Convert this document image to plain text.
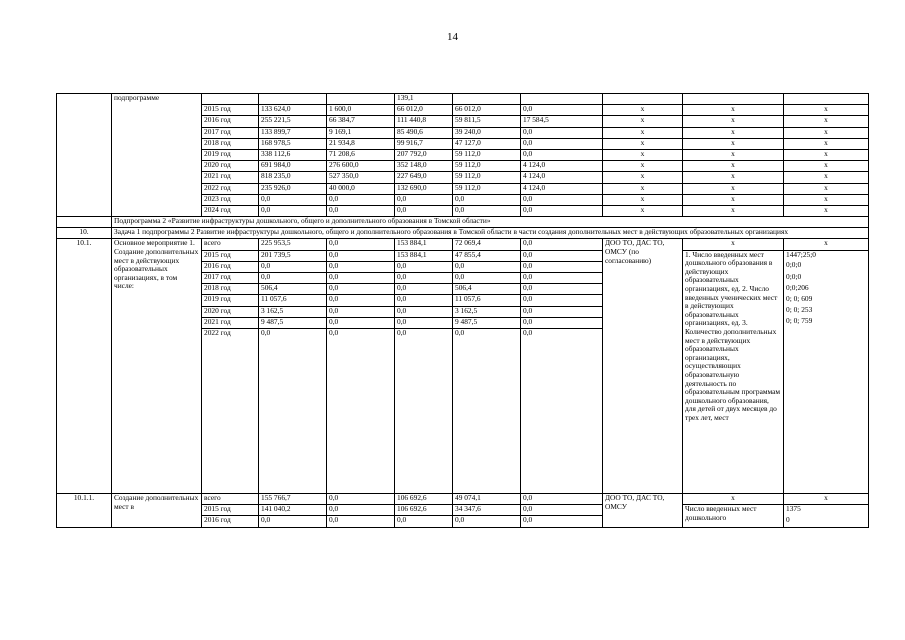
14
	подпрограмме				139,1					
		2015 год	133 624,0	1 600,0	66 012,0	66 012,0	0,0	x	x	x
		2016 год	255 221,5	66 384,7	111 440,8	59 811,5	17 584,5	x	x	x
		2017 год	133 899,7	9 169,1	85 490,6	39 240,0	0,0	x	x	x
		2018 год	168 978,5	21 934,8	99 916,7	47 127,0	0,0	x	x	x
		2019 год	338 112,6	71 208,6	207 792,0	59 112,0	0,0	x	x	x
		2020 год	691 984,0	276 600,0	352 148,0	59 112,0	4 124,0	x	x	x
		2021 год	818 235,0	527 350,0	227 649,0	59 112,0	4 124,0	x	x	x
		2022 год	235 926,0	40 000,0	132 690,0	59 112,0	4 124,0	x	x	x
		2023 год	0,0	0,0	0,0	0,0	0,0	x	x	x
		2024 год	0,0	0,0	0,0	0,0	0,0	x	x	x
	Подпрограмма 2 «Развитие инфраструктуры дошкольного, общего и дополнительного образования в Томской области»									
10.	Задача 1 подпрограммы 2 Развитие инфраструктуры дошкольного, общего и дополнительного образования в Томской области в части создания дополнительных мест в действующих образовательных организациях									
10.1.	Основное мероприятие 1. Создание дополнительных мест в действующих образовательных организациях, в том числе:	всего	225 953,5	0,0	153 884,1	72 069,4	0,0	ДОО ТО, ДАС ТО, ОМСУ (по согласованию)	x	x
		2015 год	201 739,5	0,0	153 884,1	47 855,4	0,0		1. Число введенных мест дошкольного образования в действующих образовательных организациях, ед. 2. Число введенных ученических мест в действующих образовательных организациях, ед. 3. Количество дополнительных мест в действующих образовательных организациях, осуществляющих образовательную деятельность по образовательным программам дошкольного образования, для детей от двух месяцев до трех лет, мест	1447;25;0
		2016 год	0,0	0,0	0,0	0,0	0,0			0;0;0
		2017 год	0,0	0,0	0,0	0,0	0,0			0;0;0
		2018 год	506,4	0,0	0,0	506,4	0,0			0;0;206
		2019 год	11 057,6	0,0	0,0	11 057,6	0,0			0; 0; 609
		2020 год	3 162,5	0,0	0,0	3 162,5	0,0			0; 0; 253
		2021 год	9 487,5	0,0	0,0	9 487,5	0,0			0; 0; 759
		2022 год	0,0	0,0	0,0	0,0	0,0			

10.1.1.	Создание дополнительных мест в	всего	155 766,7	0,0	106 692,6	49 074,1	0,0	ДОО ТО, ДАС ТО, ОМСУ	x	x
		2015 год	141 040,2	0,0	106 692,6	34 347,6	0,0		Число введенных мест дошкольного	1375
		2016 год	0,0	0,0	0,0	0,0	0,0			0
